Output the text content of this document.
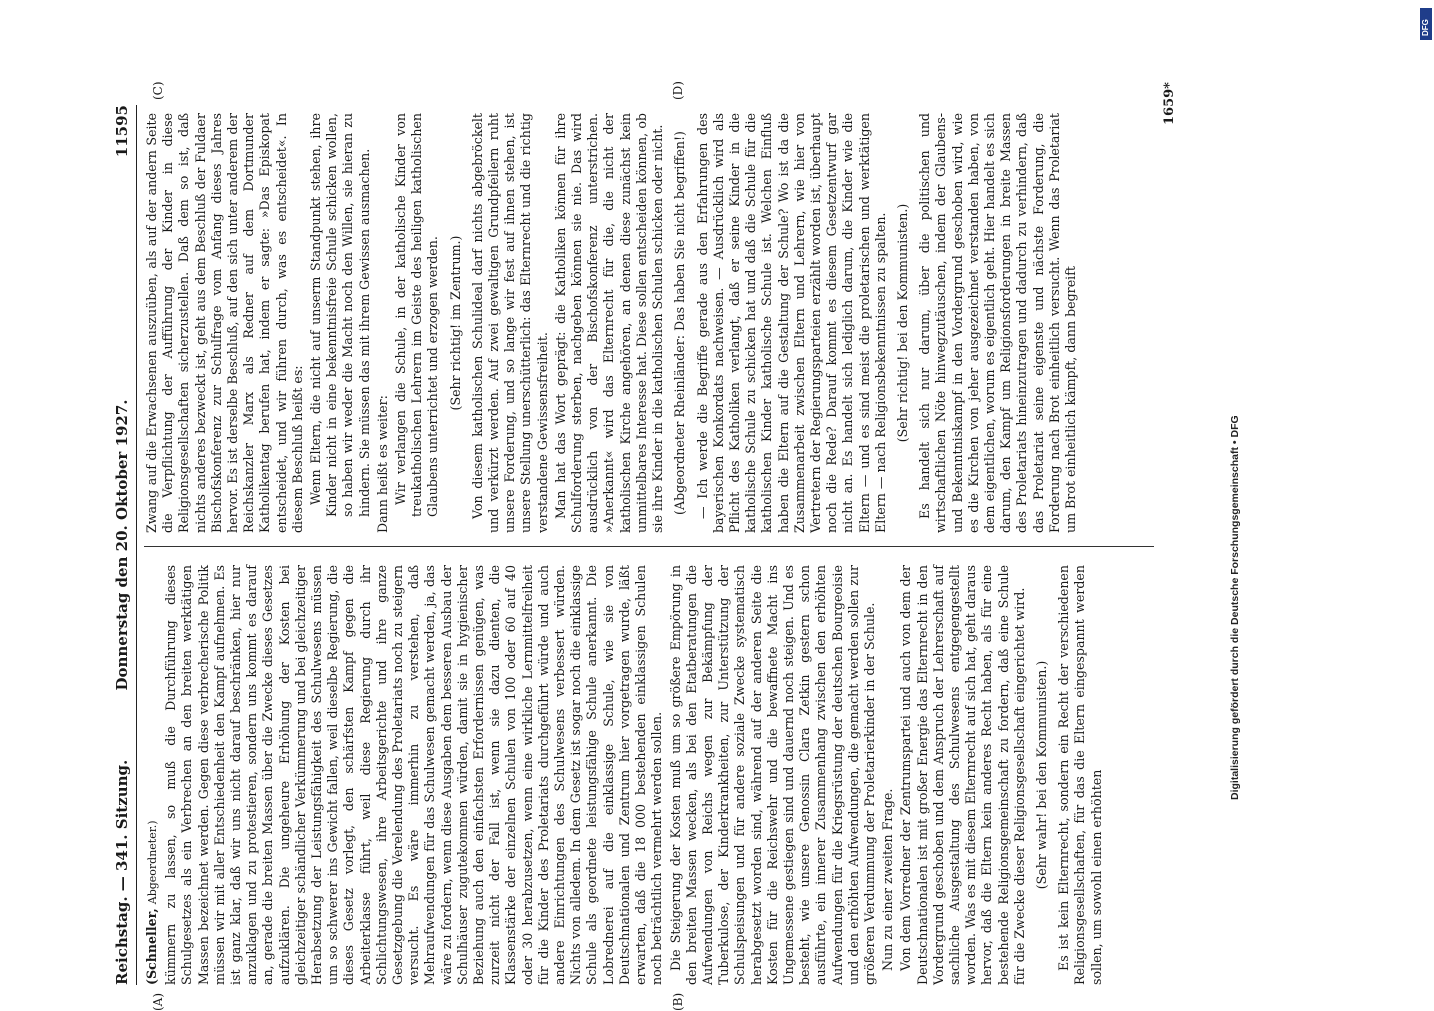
DFG
Digitalisierung gefördert durch die Deutsche Forschungsgemeinschaft • DFG
Reichstag. — 341. Sitzung.
Donnerstag den 20. Oktober 1927.
11595
(A)	(B)
(C)	(D)

(Schneller, Abgeordneter.) kümmern zu lassen, so muß die Durchführung dieses Schulgesetzes als ein Verbrechen an den breiten werktätigen Massen bezeichnet werden. Gegen diese verbrecherische Politik müssen wir mit aller Entschiedenheit den Kampf aufnehmen. Es ist ganz klar, daß wir uns nicht darauf beschränken, hier nur anzuklagen und zu protestieren, sondern uns kommt es darauf an, gerade die breiten Massen über die Zwecke dieses Gesetzes aufzuklären. Die ungeheure Erhöhung der Kosten bei gleichzeitiger schändlicher Verkümmerung und bei gleichzeitiger Herabsetzung der Leistungsfähigkeit des Schulwesens müssen um so schwerer ins Gewicht fallen, weil dieselbe Regierung, die dieses Gesetz vorlegt, den schärfsten Kampf gegen die Arbeiterklasse führt, weil diese Regierung durch ihr Schlichtungswesen, ihre Arbeitsgerichte und ihre ganze Gesetzgebung die Verelendung des Proletariats noch zu steigern versucht. Es wäre immerhin zu verstehen, daß Mehraufwendungen für das Schulwesen gemacht werden, ja, das wäre zu fordern, wenn diese Ausgaben dem besseren Ausbau der Schulhäuser zugutekommen würden, damit sie in hygienischer Beziehung auch den einfachsten Erfordernissen genügen, was zurzeit nicht der Fall ist, wenn sie dazu dienten, die Klassenstärke der einzelnen Schulen von 100 oder 60 auf 40 oder 30 herabzusetzen, wenn eine wirkliche Lernmittelfreiheit für die Kinder des Proletariats durchgeführt würde und auch andere Einrichtungen des Schulwesens verbessert würden. Nichts von alledem. In dem Gesetz ist sogar noch die einklassige Schule als geordnete leistungsfähige Schule anerkannt. Die Lobrednerei auf die einklassige Schule, wie sie von Deutschnationalen und Zentrum hier vorgetragen wurde, läßt erwarten, daß die 18 000 bestehenden einklassigen Schulen noch beträchtlich vermehrt werden sollen. Die Steigerung der Kosten muß um so größere Empörung in den breiten Massen wecken, als bei den Etatberatungen die Aufwendungen von Reichs wegen zur Bekämpfung der Tuberkulose, der Kinderkrankheiten, zur Unterstützung der Schulspeisungen und für andere soziale Zwecke systematisch herabgesetzt worden sind, während auf der anderen Seite die Kosten für die Reichswehr und die bewaffnete Macht ins Ungemessene gestiegen sind und dauernd noch steigen. Und es besteht, wie unsere Genossin Clara Zetkin gestern schon ausführte, ein innerer Zusammenhang zwischen den erhöhten Aufwendungen für die Kriegsrüstung der deutschen Bourgeoisie und den erhöhten Aufwendungen, die gemacht werden sollen zur größeren Verdummung der Proletarierkinder in der Schule. Nun zu einer zweiten Frage. Von dem Vorredner der Zentrumspartei und auch von dem der Deutschnationalen ist mit großer Energie das Elternrecht in den Vordergrund geschoben und dem Anspruch der Lehrerschaft auf sachliche Ausgestaltung des Schulwesens entgegengestellt worden. Was es mit diesem Elternrecht auf sich hat, geht daraus hervor, daß die Eltern kein anderes Recht haben, als für eine bestehende Religionsgemeinschaft zu fordern, daß eine Schule für die Zwecke dieser Religionsgesellschaft eingerichtet wird. (Sehr wahr! bei den Kommunisten.) Es ist kein Elternrecht, sondern ein Recht der verschiedenen Religionsgesellschaften, für das die Eltern eingespannt werden sollen, um sowohl einen erhöhten

Zwang auf die Erwachsenen auszuüben, als auf der andern Seite die Verpflichtung der Aufführung der Kinder in diese Religionsgesellschaften sicherzustellen. Daß dem so ist, daß nichts anderes bezweckt ist, geht aus dem Beschluß der Fuldaer Bischofskonferenz zur Schulfrage vom Anfang dieses Jahres hervor. Es ist derselbe Beschluß, auf den sich unter anderem der Reichskanzler Marx als Redner auf dem Dortmunder Katholikentag berufen hat, indem er sagte: »Das Episkopat entscheidet, und wir führen durch, was es entscheidet«. In diesem Beschluß heißt es: Wenn Eltern, die nicht auf unserm Standpunkt stehen, ihre Kinder nicht in eine bekenntnisfreie Schule schicken wollen, so haben wir weder die Macht noch den Willen, sie hieran zu hindern. Sie müssen das mit ihrem Gewissen ausmachen. Dann heißt es weiter: Wir verlangen die Schule, in der katholische Kinder von treukatholischen Lehrern im Geiste des heiligen katholischen Glaubens unterrichtet und erzogen werden. (Sehr richtig! im Zentrum.) Von diesem katholischen Schulideal darf nichts abgebröckelt und verkürzt werden. Auf zwei gewaltigen Grundpfeilern ruht unsere Forderung, und so lange wir fest auf ihnen stehen, ist unsere Stellung unerschütterlich: das Elternrecht und die richtig verstandene Gewissensfreiheit. Man hat das Wort geprägt: die Katholiken können für ihre Schulforderung sterben, nachgeben können sie nie. Das wird ausdrücklich von der Bischofskonferenz unterstrichen. »Anerkannt« wird das Elternrecht für die, die nicht der katholischen Kirche angehören, an denen diese zunächst kein unmittelbares Interesse hat. Diese sollen entscheiden können, ob sie ihre Kinder in die katholischen Schulen schicken oder nicht. (Abgeordneter Rheinländer: Das haben Sie nicht begriffen!) — Ich werde die Begriffe gerade aus den Erfahrungen des bayerischen Konkordats nachweisen. — Ausdrücklich wird als Pflicht des Katholiken verlangt, daß er seine Kinder in die katholische Schule zu schicken hat und daß die Schule für die katholischen Kinder katholische Schule ist. Welchen Einfluß haben die Eltern auf die Gestaltung der Schule? Wo ist da die Zusammenarbeit zwischen Eltern und Lehrern, wie hier von Vertretern der Regierungsparteien erzählt worden ist, überhaupt noch die Rede? Darauf kommt es diesem Gesetzentwurf gar nicht an. Es handelt sich lediglich darum, die Kinder wie die Eltern — und es sind meist die proletarischen und werktätigen Eltern — nach Religionsbekenntnissen zu spalten. (Sehr richtig! bei den Kommunisten.) Es handelt sich nur darum, über die politischen und wirtschaftlichen Nöte hinwegzutäuschen, indem der Glaubens- und Bekenntniskampf in den Vordergrund geschoben wird, wie es die Kirchen von jeher ausgezeichnet verstanden haben, von dem eigentlichen, worum es eigentlich geht. Hier handelt es sich darum, den Kampf um Religionsforderungen in breite Massen des Proletariats hineinzutragen und dadurch zu verhindern, daß das Proletariat seine eigenste und nächste Forderung, die Forderung nach Brot einheitlich versucht. Wenn das Proletariat um Brot einheitlich kämpft, dann begreift

1659*
